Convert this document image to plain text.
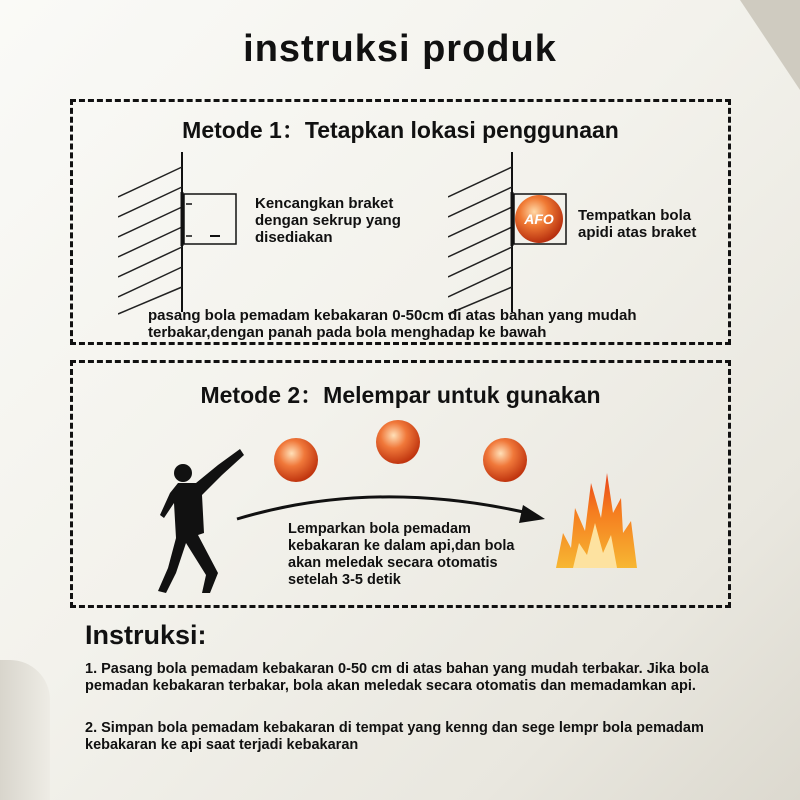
instruksi produk
Metode 1：Tetapkan lokasi penggunaan
Kencangkan braket dengan sekrup yang disediakan
AFO Tempatkan bola apidi atas braket
pasang bola pemadam kebakaran 0-50cm di atas bahan yang mudah terbakar,dengan panah pada bola menghadap ke bawah
Metode 2：Melempar untuk gunakan
Lemparkan bola pemadam kebakaran ke dalam api,dan bola akan meledak secara otomatis setelah 3-5 detik
Instruksi:
1. Pasang bola pemadam kebakaran 0-50 cm di atas bahan yang mudah terbakar. Jika bola pemadan kebakaran terbakar, bola akan meledak secara otomatis dan memadamkan api.
2. Simpan bola pemadam kebakaran di tempat yang kenng dan sege lempr bola pemadam kebakaran ke api saat terjadi kebakaran
